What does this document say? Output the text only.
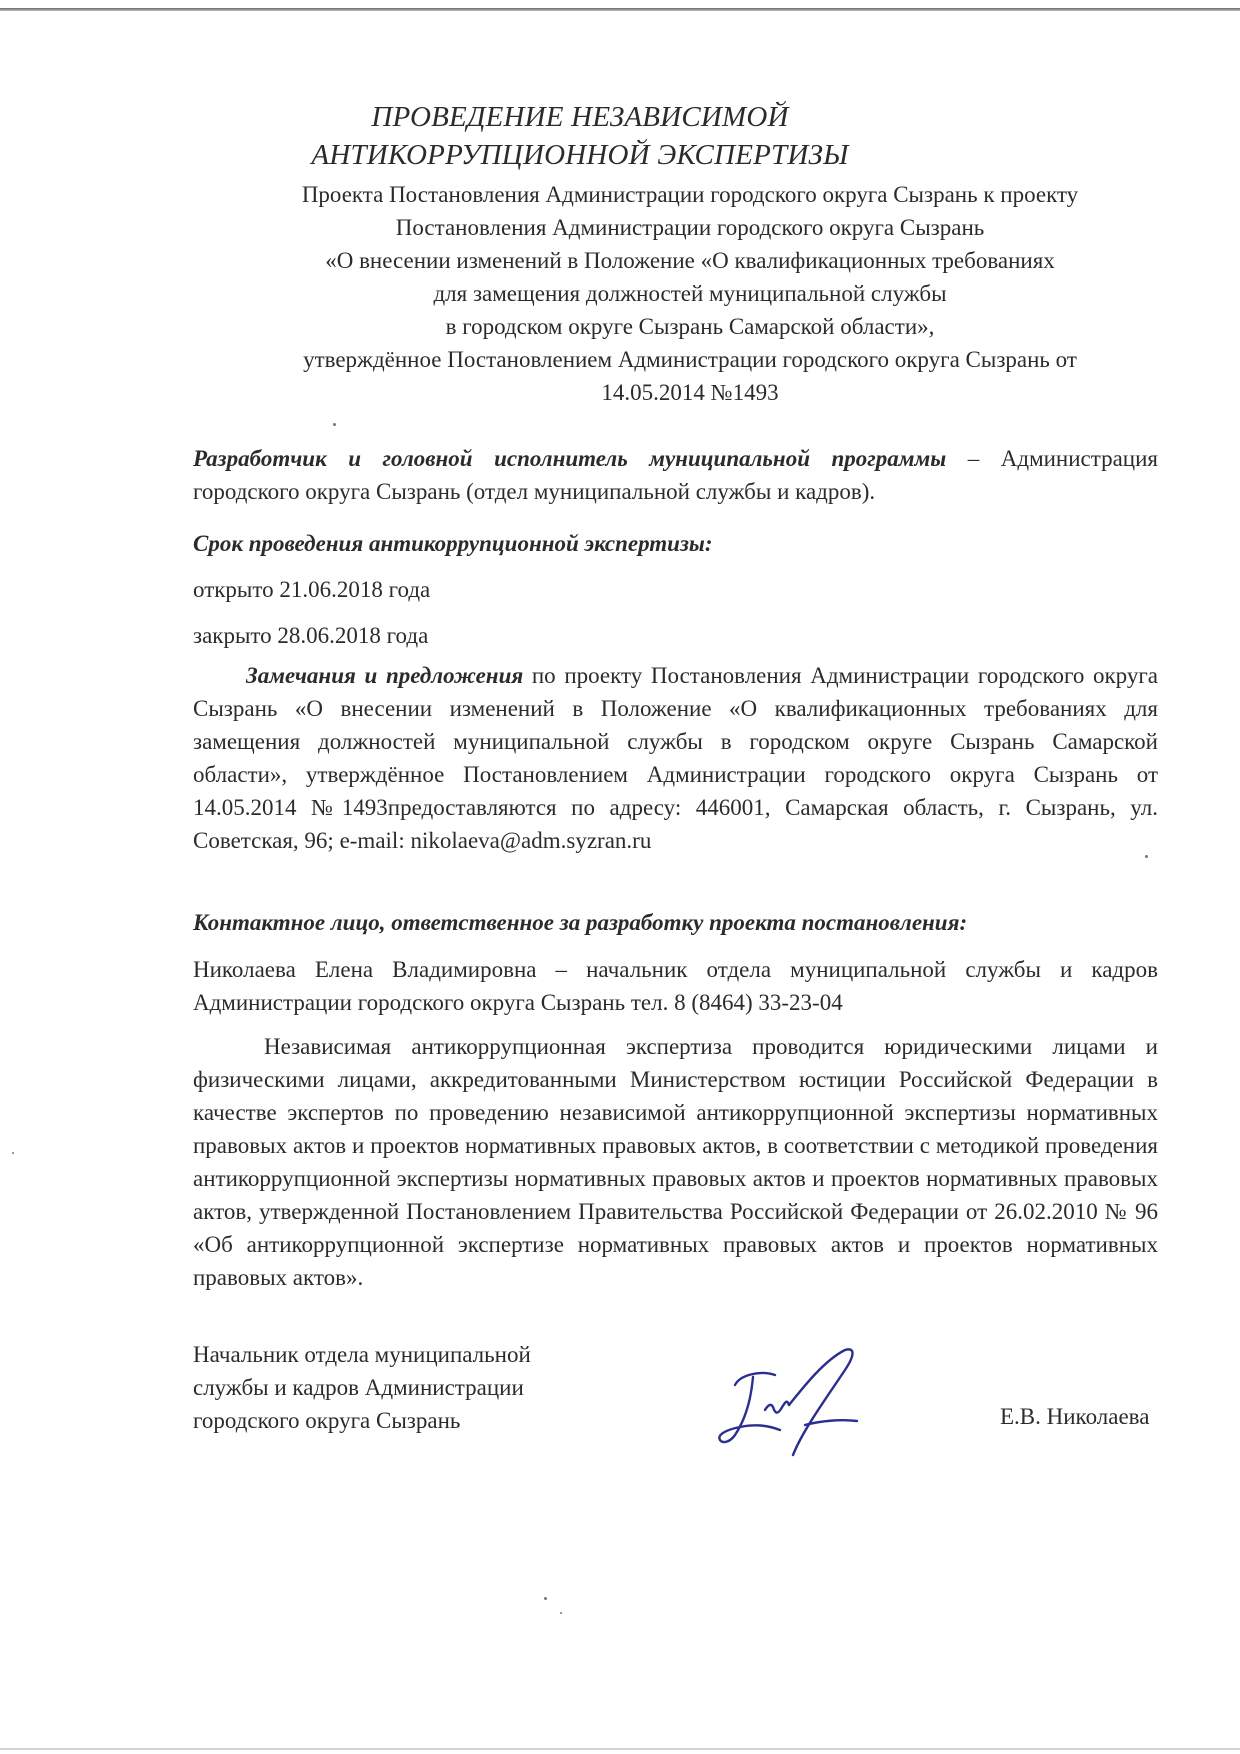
ПРОВЕДЕНИЕ НЕЗАВИСИМОЙ
АНТИКОРРУПЦИОННОЙ ЭКСПЕРТИЗЫ
Проекта Постановления Администрации городского округа Сызрань к проекту
Постановления Администрации городского округа Сызрань
«О внесении изменений в Положение «О квалификационных требованиях
для замещения должностей муниципальной службы
в городском округе Сызрань Самарской области»,
утверждённое Постановлением Администрации городского округа Сызрань от
14.05.2014 №1493
Разработчик и головной исполнитель муниципальной программы – Администрация городского округа Сызрань (отдел муниципальной службы и кадров).
Срок проведения антикоррупционной экспертизы:
открыто 21.06.2018 года
закрыто 28.06.2018 года
Замечания и предложения по проекту Постановления Администрации городского округа Сызрань «О внесении изменений в Положение «О квалификационных требованиях для замещения должностей муниципальной службы в городском округе Сызрань Самарской области», утверждённое Постановлением Администрации городского округа Сызрань от 14.05.2014 №1493предоставляются по адресу: 446001, Самарская область, г. Сызрань, ул. Советская, 96; e-mail: nikolaeva@adm.syzran.ru
Контактное лицо, ответственное за разработку проекта постановления:
Николаева Елена Владимировна – начальник отдела муниципальной службы и кадров Администрации городского округа Сызрань тел. 8 (8464) 33-23-04
Независимая антикоррупционная экспертиза проводится юридическими лицами и физическими лицами, аккредитованными Министерством юстиции Российской Федерации в качестве экспертов по проведению независимой антикоррупционной экспертизы нормативных правовых актов и проектов нормативных правовых актов, в соответствии с методикой проведения антикоррупционной экспертизы нормативных правовых актов и проектов нормативных правовых актов, утвержденной Постановлением Правительства Российской Федерации от 26.02.2010 № 96 «Об антикоррупционной экспертизе нормативных правовых актов и проектов нормативных правовых актов».
Начальник отдела муниципальной
службы и кадров Администрации
городского округа Сызрань	Е.В. Николаева
